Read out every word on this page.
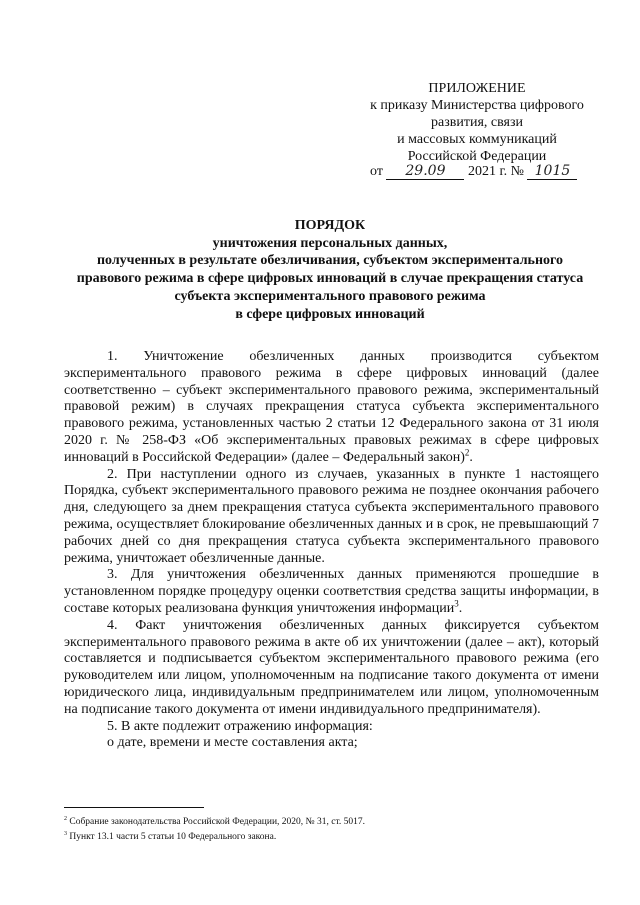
ПРИЛОЖЕНИЕ
к приказу Министерства цифрового
развития, связи
и массовых коммуникаций
Российской Федерации
от 29.09 2021 г. № 1015
ПОРЯДОК
уничтожения персональных данных,
полученных в результате обезличивания, субъектом экспериментального
правового режима в сфере цифровых инноваций в случае прекращения статуса
субъекта экспериментального правового режима
в сфере цифровых инноваций

1. Уничтожение обезличенных данных производится субъектом экспериментального правового режима в сфере цифровых инноваций (далее соответственно – субъект экспериментального правового режима, экспериментальный правовой режим) в случаях прекращения статуса субъекта экспериментального правового режима, установленных частью 2 статьи 12 Федерального закона от 31 июля 2020 г. № 258-ФЗ «Об экспериментальных правовых режимах в сфере цифровых инноваций в Российской Федерации» (далее – Федеральный закон)$^2$.

2. При наступлении одного из случаев, указанных в пункте 1 настоящего Порядка, субъект экспериментального правового режима не позднее окончания рабочего дня, следующего за днем прекращения статуса субъекта экспериментального правового режима, осуществляет блокирование обезличенных данных и в срок, не превышающий 7 рабочих дней со дня прекращения статуса субъекта экспериментального правового режима, уничтожает обезличенные данные.

3. Для уничтожения обезличенных данных применяются прошедшие в установленном порядке процедуру оценки соответствия средства защиты информации, в составе которых реализована функция уничтожения информации$^3$.

4. Факт уничтожения обезличенных данных фиксируется субъектом экспериментального правового режима в акте об их уничтожении (далее – акт), который составляется и подписывается субъектом экспериментального правового режима (его руководителем или лицом, уполномоченным на подписание такого документа от имени юридического лица, индивидуальным предпринимателем или лицом, уполномоченным на подписание такого документа от имени индивидуального предпринимателя).

5. В акте подлежит отражению информация:

о дате, времени и месте составления акта;

$^2$ Собрание законодательства Российской Федерации, 2020, № 31, ст. 5017.
$^3$ Пункт 13.1 части 5 статьи 10 Федерального закона.
